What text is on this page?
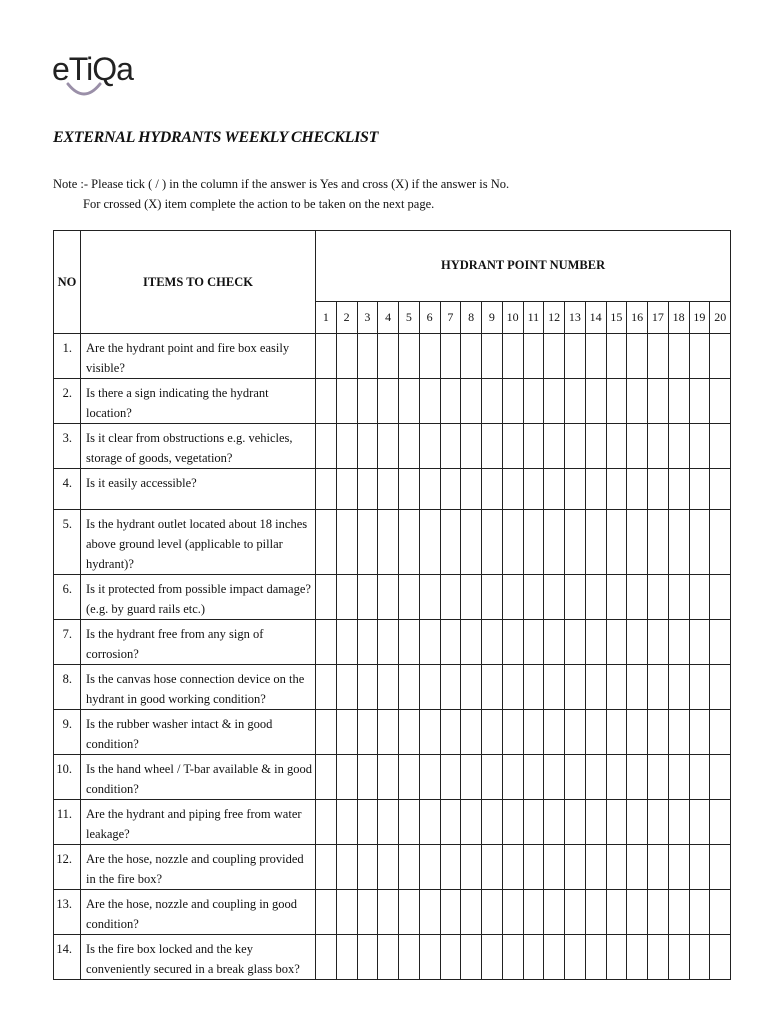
eTiQa
EXTERNAL HYDRANTS WEEKLY CHECKLIST
Note :- Please tick ( / ) in the column if the answer is Yes and cross (X) if the answer is No.
For crossed (X) item complete the action to be taken on the next page.
NO	ITEMS TO CHECK	HYDRANT POINT NUMBER																			
		1	2	3	4	5	6	7	8	9	10	11	12	13	14	15	16	17	18	19	20

1.	Are the hydrant point and fire box easily visible?																				

2.	Is there a sign indicating the hydrant location?																				

3.	Is it clear from obstructions e.g. vehicles, storage of goods, vegetation?																				

4.	Is it easily accessible?																				

5.	Is the hydrant outlet located about 18 inches above ground level (applicable to pillar hydrant)?																				

6.	Is it protected from possible impact damage? (e.g. by guard rails etc.)																				

7.	Is the hydrant free from any sign of corrosion?																				

8.	Is the canvas hose connection device on the hydrant in good working condition?																				

9.	Is the rubber washer intact & in good condition?																				

10.	Is the hand wheel / T-bar available & in good condition?																				

11.	Are the hydrant and piping free from water leakage?																				

12.	Are the hose, nozzle and coupling provided in the fire box?																				

13.	Are the hose, nozzle and coupling in good condition?																				

14.	Is the fire box locked and the key conveniently secured in a break glass box?																				
